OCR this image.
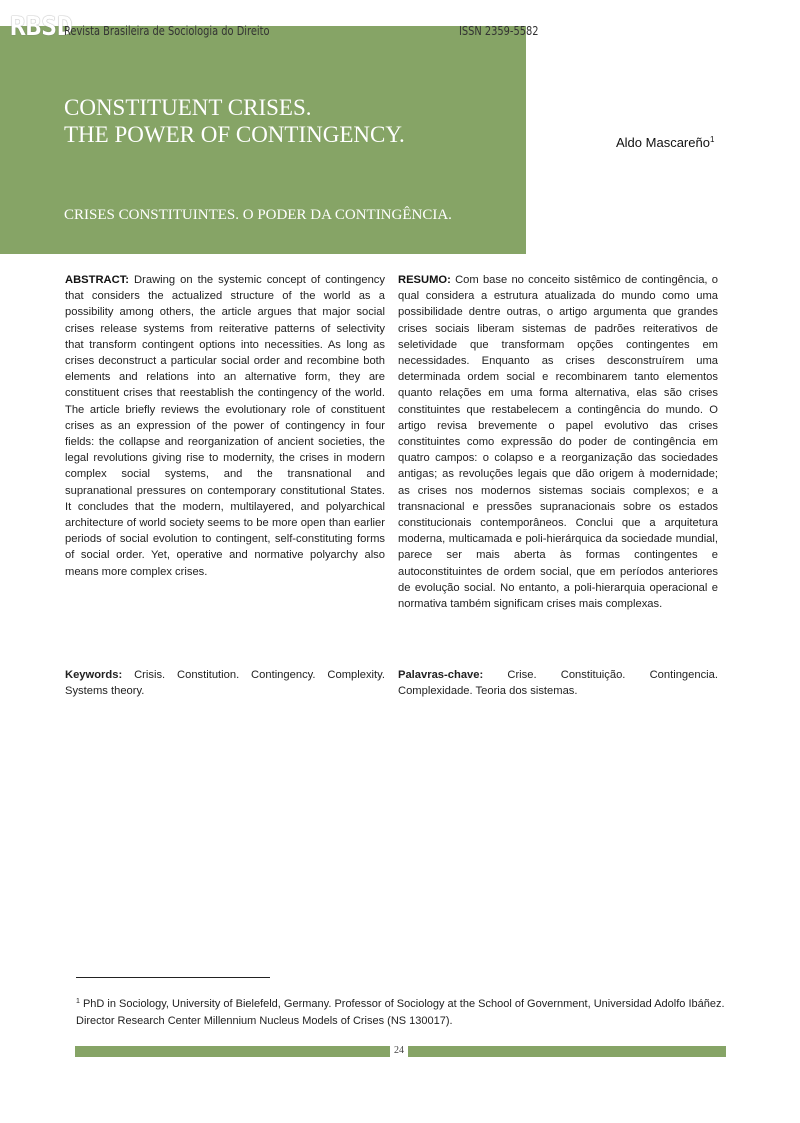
RBSD
Revista Brasileira de Sociologia do Direito	ISSN 2359-5582
CONSTITUENT CRISES.
THE POWER OF CONTINGENCY.
CRISES CONSTITUINTES. O PODER DA CONTINGÊNCIA.
Aldo Mascareño$^1$
ABSTRACT: Drawing on the systemic concept of contingency that considers the actualized structure of the world as a possibility among others, the article argues that major social crises release systems from reiterative patterns of selectivity that transform contingent options into necessities. As long as crises deconstruct a particular social order and recombine both elements and relations into an alternative form, they are constituent crises that reestablish the contingency of the world. The article briefly reviews the evolutionary role of constituent crises as an expression of the power of contingency in four fields: the collapse and reorganization of ancient societies, the legal revolutions giving rise to modernity, the crises in modern complex social systems, and the transnational and supranational pressures on contemporary constitutional States. It concludes that the modern, multilayered, and polyarchical architecture of world society seems to be more open than earlier periods of social evolution to contingent, self-constituting forms of social order. Yet, operative and normative polyarchy also means more complex crises.
RESUMO: Com base no conceito sistêmico de contingência, o qual considera a estrutura atualizada do mundo como uma possibilidade dentre outras, o artigo argumenta que grandes crises sociais liberam sistemas de padrões reiterativos de seletividade que transformam opções contingentes em necessidades. Enquanto as crises desconstruírem uma determinada ordem social e recombinarem tanto elementos quanto relações em uma forma alternativa, elas são crises constituintes que restabelecem a contingência do mundo. O artigo revisa brevemente o papel evolutivo das crises constituintes como expressão do poder de contingência em quatro campos: o colapso e a reorganização das sociedades antigas; as revoluções legais que dão origem à modernidade; as crises nos modernos sistemas sociais complexos; e a transnacional e pressões supranacionais sobre os estados constitucionais contemporâneos. Conclui que a arquitetura moderna, multicamada e poli-hierárquica​ da sociedade mundial, parece ser mais aberta às formas contingentes e autoconstituintes de ordem social, que em períodos anteriores de evolução social. No entanto, a poli-hierarquia operacional e normativa também significam crises mais complexas.
Keywords: Crisis. Constitution. Contingency. Complexity. Systems theory.
Palavras-chave: Crise. Constituição. Contingencia. Complexidade. Teoria dos sistemas.
$^1$ PhD in Sociology, University of Bielefeld, Germany. Professor of Sociology at the School of Government, Universidad Adolfo Ibáñez. Director Research Center Millennium Nucleus Models of Crises (NS 130017).
24
